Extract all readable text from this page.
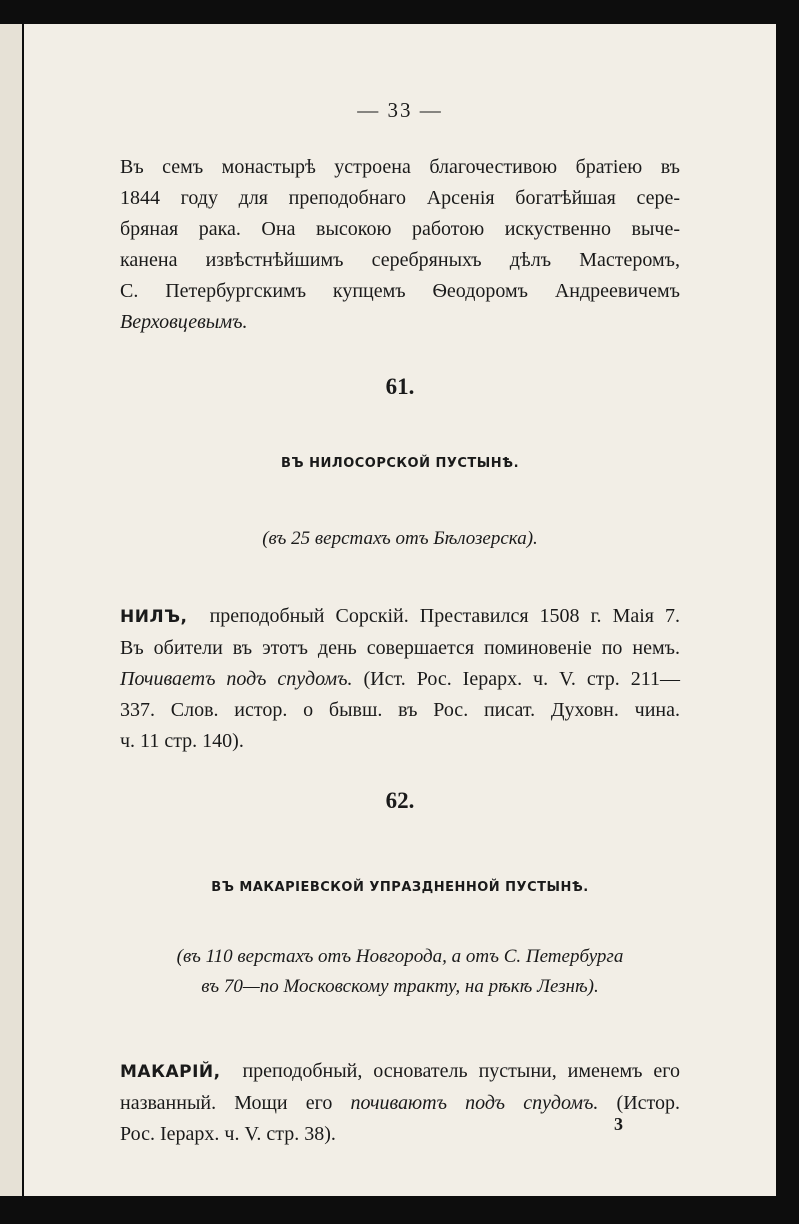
— 33 —
Въ семъ монастырѣ устроена благочестивою братіею въ
1844 году для преподобнаго Арсенія богатѣйшая сере-
бряная рака. Она высокою работою искуственно выче-
канена извѣстнѣйшимъ серебряныхъ дѣлъ Мастеромъ,
С. Петербургскимъ купцемъ Ѳеодоромъ Андреевичемъ
Верховцевымъ.
61.
ВЪ НИЛОСОРСКОЙ ПУСТЫНѢ.
(въ 25 верстахъ отъ Бѣлозерска).
НИЛЪ, преподобный Сорскій. Преставился 1508 г. Маія 7.
Въ обители въ этотъ день совершается поминовеніе по немъ.
Почиваетъ подъ спудомъ. (Ист. Рос. Іерарх. ч. V. стр. 211—
337. Слов. истор. о бывш. въ Рос. писат. Духовн. чина.
ч. 11 стр. 140).
62.
ВЪ МАКАРІЕВСКОЙ УПРАЗДНЕННОЙ ПУСТЫНѢ.
(въ 110 верстахъ отъ Новгорода, а отъ С. Петербурга
въ 70—по Московскому тракту, на рѣкѣ Лезнѣ).
МАКАРІЙ, преподобный, основатель пустыни, именемъ его
названный. Мощи его почиваютъ подъ спудомъ. (Истор.
Рос. Іерарх. ч. V. стр. 38).	3
